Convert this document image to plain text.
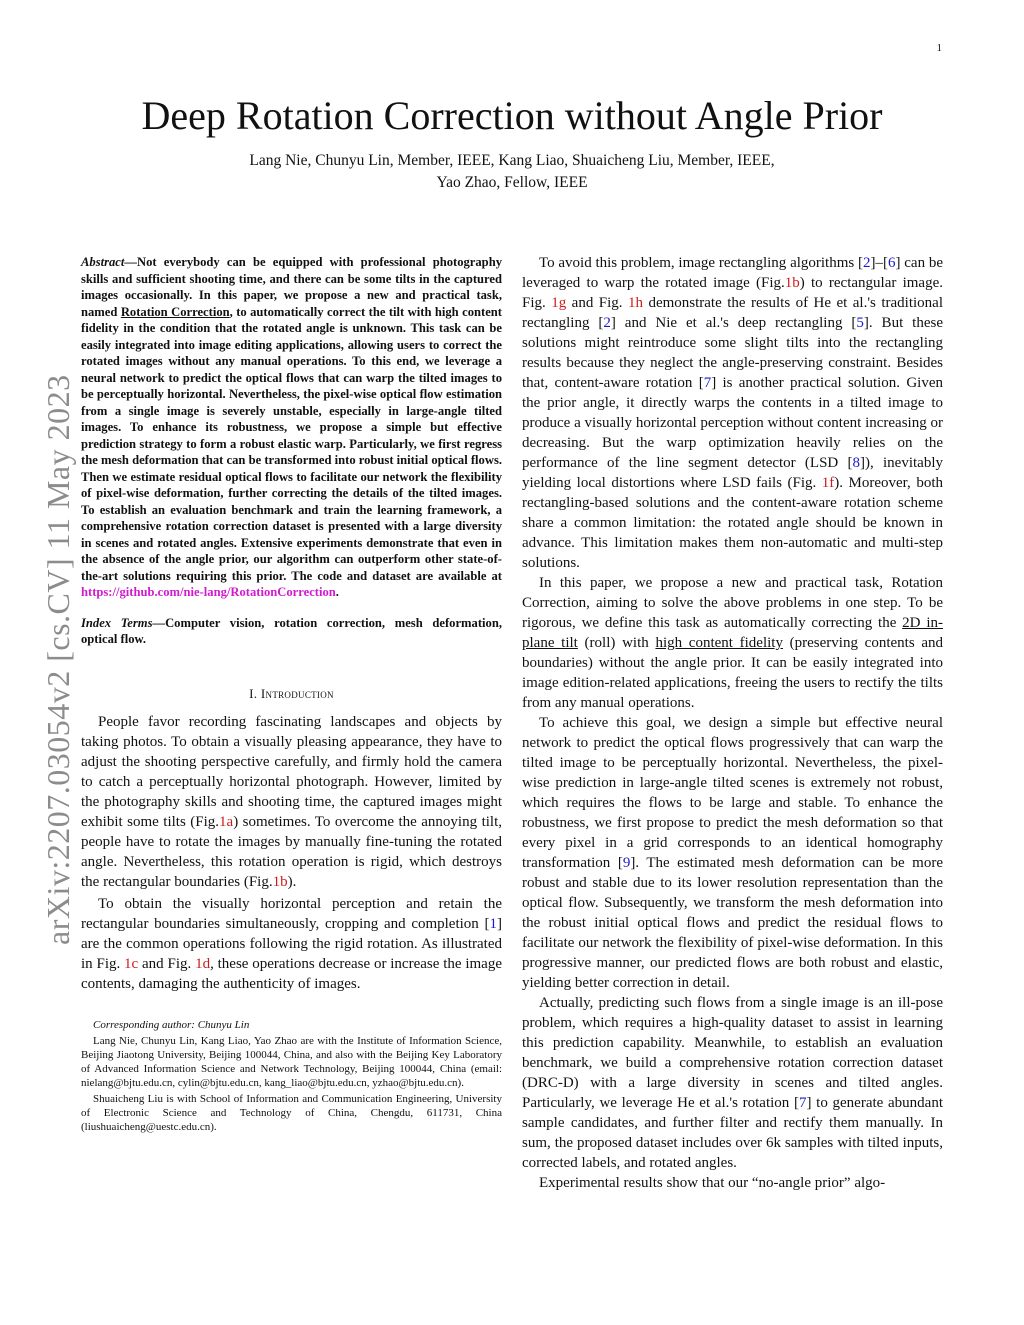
1
arXiv:2207.03054v2 [cs.CV] 11 May 2023
Deep Rotation Correction without Angle Prior
Lang Nie, Chunyu Lin, Member, IEEE, Kang Liao, Shuaicheng Liu, Member, IEEE,
Yao Zhao, Fellow, IEEE

Abstract—Not everybody can be equipped with professional photography skills and sufficient shooting time, and there can be some tilts in the captured images occasionally. In this paper, we propose a new and practical task, named Rotation Correction, to automatically correct the tilt with high content fidelity in the condition that the rotated angle is unknown. This task can be easily integrated into image editing applications, allowing users to correct the rotated images without any manual operations. To this end, we leverage a neural network to predict the optical flows that can warp the tilted images to be perceptually horizontal. Nevertheless, the pixel-wise optical flow estimation from a single image is severely unstable, especially in large-angle tilted images. To enhance its robustness, we propose a simple but effective prediction strategy to form a robust elastic warp. Particularly, we first regress the mesh deformation that can be transformed into robust initial optical flows. Then we estimate residual optical flows to facilitate our network the flexibility of pixel-wise deformation, further correcting the details of the tilted images. To establish an evaluation benchmark and train the learning framework, a comprehensive rotation correction dataset is presented with a large diversity in scenes and rotated angles. Extensive experiments demonstrate that even in the absence of the angle prior, our algorithm can outperform other state-of-the-art solutions requiring this prior. The code and dataset are available at https://github.com/nie-lang/RotationCorrection.

Index Terms—Computer vision, rotation correction, mesh deformation, optical flow.

I. Introduction

People favor recording fascinating landscapes and objects by taking photos. To obtain a visually pleasing appearance, they have to adjust the shooting perspective carefully, and firmly hold the camera to catch a perceptually horizontal photograph. However, limited by the photography skills and shooting time, the captured images might exhibit some tilts (Fig.1a) sometimes. To overcome the annoying tilt, people have to rotate the images by manually fine-tuning the rotated angle. Nevertheless, this rotation operation is rigid, which destroys the rectangular boundaries (Fig.1b).

To obtain the visually horizontal perception and retain the rectangular boundaries simultaneously, cropping and completion [1] are the common operations following the rigid rotation. As illustrated in Fig. 1c and Fig. 1d, these operations decrease or increase the image contents, damaging the authenticity of images.

Corresponding author: Chunyu Lin

Lang Nie, Chunyu Lin, Kang Liao, Yao Zhao are with the Institute of Information Science, Beijing Jiaotong University, Beijing 100044, China, and also with the Beijing Key Laboratory of Advanced Information Science and Network Technology, Beijing 100044, China (email: nielang@bjtu.edu.cn, cylin@bjtu.edu.cn, kang_liao@bjtu.edu.cn, yzhao@bjtu.edu.cn).

Shuaicheng Liu is with School of Information and Communication Engineering, University of Electronic Science and Technology of China, Chengdu, 611731, China (liushuaicheng@uestc.edu.cn).

To avoid this problem, image rectangling algorithms [2]–[6] can be leveraged to warp the rotated image (Fig.1b) to rectangular image. Fig. 1g and Fig. 1h demonstrate the results of He et al.'s traditional rectangling [2] and Nie et al.'s deep rectangling [5]. But these solutions might reintroduce some slight tilts into the rectangling results because they neglect the angle-preserving constraint. Besides that, content-aware rotation [7] is another practical solution. Given the prior angle, it directly warps the contents in a tilted image to produce a visually horizontal perception without content increasing or decreasing. But the warp optimization heavily relies on the performance of the line segment detector (LSD [8]), inevitably yielding local distortions where LSD fails (Fig. 1f). Moreover, both rectangling-based solutions and the content-aware rotation scheme share a common limitation: the rotated angle should be known in advance. This limitation makes them non-automatic and multi-step solutions.

In this paper, we propose a new and practical task, Rotation Correction, aiming to solve the above problems in one step. To be rigorous, we define this task as automatically correcting the 2D in-plane tilt (roll) with high content fidelity (preserving contents and boundaries) without the angle prior. It can be easily integrated into image edition-related applications, freeing the users to rectify the tilts from any manual operations.

To achieve this goal, we design a simple but effective neural network to predict the optical flows progressively that can warp the tilted image to be perceptually horizontal. Nevertheless, the pixel-wise prediction in large-angle tilted scenes is extremely not robust, which requires the flows to be large and stable. To enhance the robustness, we first propose to predict the mesh deformation so that every pixel in a grid corresponds to an identical homography transformation [9]. The estimated mesh deformation can be more robust and stable due to its lower resolution representation than the optical flow. Subsequently, we transform the mesh deformation into the robust initial optical flows and predict the residual flows to facilitate our network the flexibility of pixel-wise deformation. In this progressive manner, our predicted flows are both robust and elastic, yielding better correction in detail.

Actually, predicting such flows from a single image is an ill-pose problem, which requires a high-quality dataset to assist in learning this prediction capability. Meanwhile, to establish an evaluation benchmark, we build a comprehensive rotation correction dataset (DRC-D) with a large diversity in scenes and tilted angles. Particularly, we leverage He et al.'s rotation [7] to generate abundant sample candidates, and further filter and rectify them manually. In sum, the proposed dataset includes over 6k samples with tilted inputs, corrected labels, and rotated angles.

Experimental results show that our “no-angle prior” algo-
